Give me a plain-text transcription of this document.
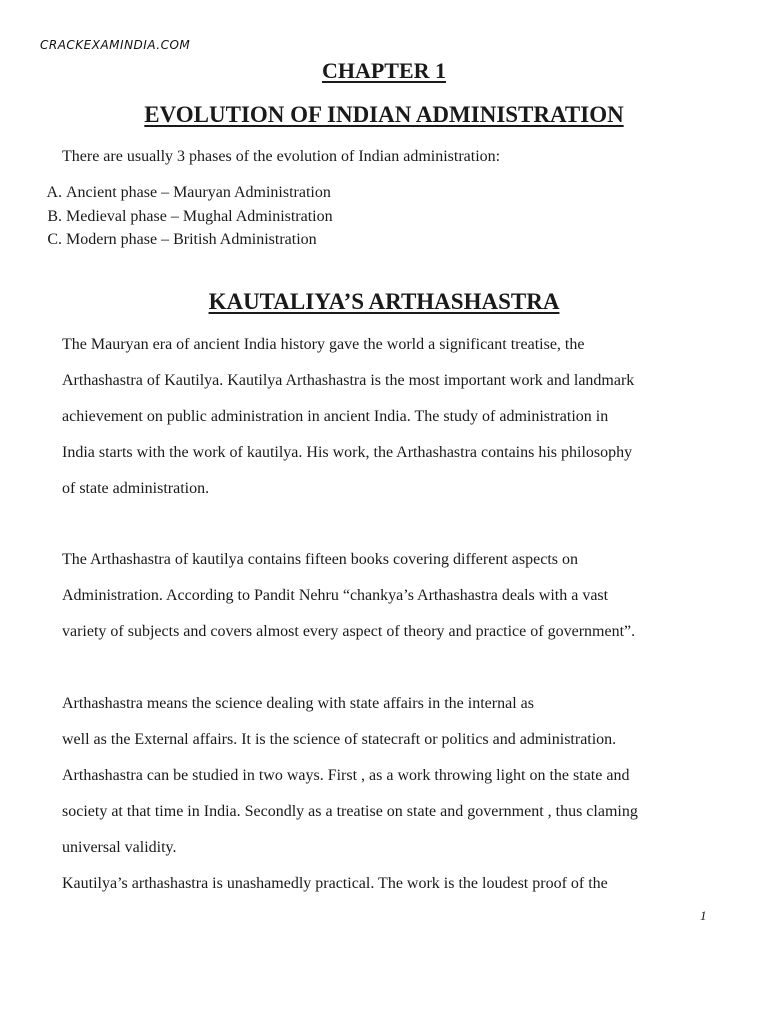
CRACKEXAMINDIA.COM
CHAPTER 1
EVOLUTION OF INDIAN ADMINISTRATION
There are usually 3 phases of the evolution of Indian administration:
A. Ancient phase – Mauryan Administration
B. Medieval phase – Mughal Administration
C. Modern phase – British Administration
KAUTALIYA’S ARTHASHASTRA
The Mauryan era of ancient India history gave the world a significant treatise, the
Arthashastra of Kautilya. Kautilya Arthashastra is the most important work and landmark
achievement on public administration in ancient India. The study of administration in
India starts with the work of kautilya. His work, the Arthashastra contains his philosophy
of state administration.
The Arthashastra of kautilya contains fifteen books covering different aspects on
Administration. According to Pandit Nehru “chankya’s Arthashastra deals with a vast
variety of subjects and covers almost every aspect of theory and practice of government”.
Arthashastra means the science dealing with state affairs in the internal as
well as the External affairs. It is the science of statecraft or politics and administration.
Arthashastra can be studied in two ways. First , as a work throwing light on the state and
society at that time in India. Secondly as a treatise on state and government , thus claming
universal validity.
Kautilya’s arthashastra is unashamedly practical. The work is the loudest proof of the
1
